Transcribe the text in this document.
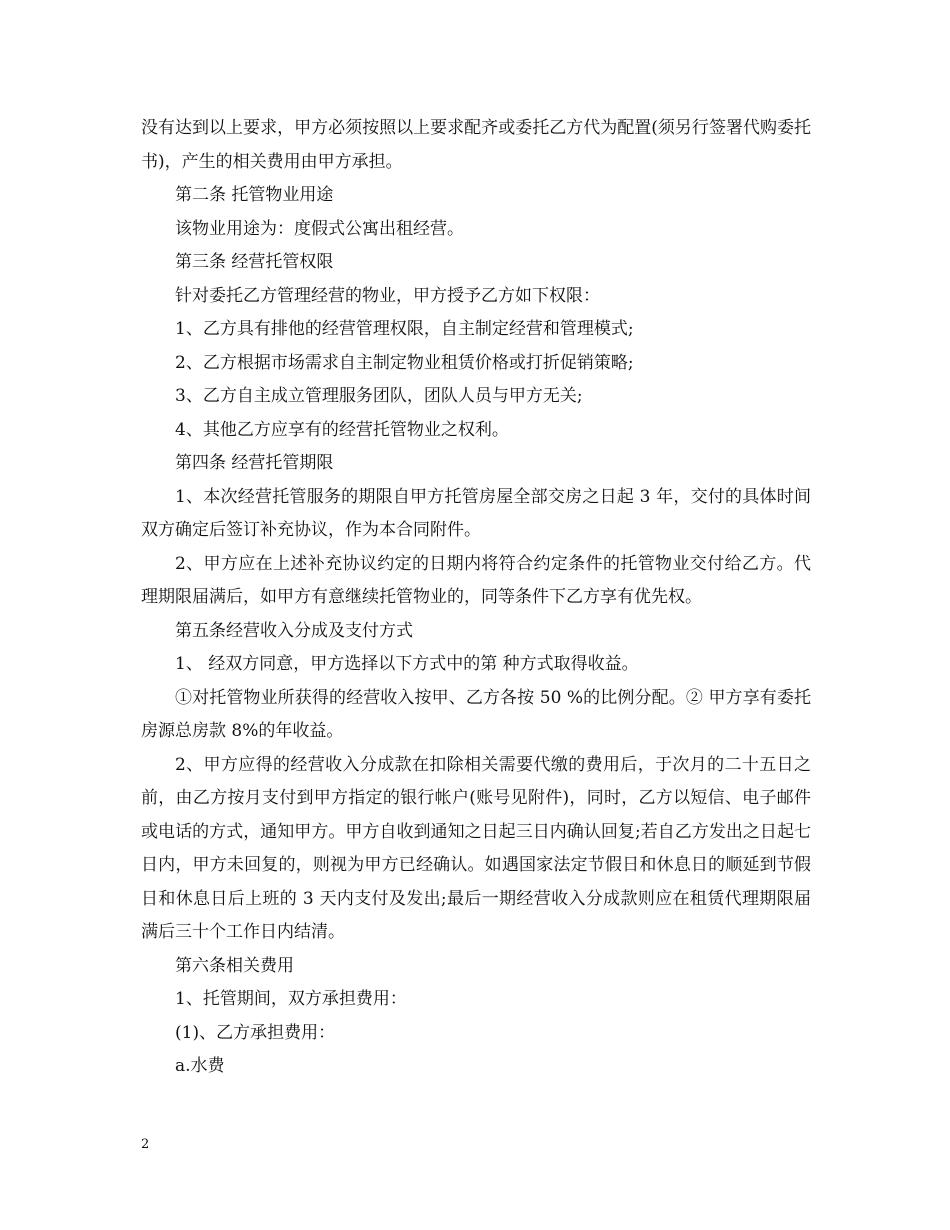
没有达到以上要求，甲方必须按照以上要求配齐或委托乙方代为配置(须另行签署代购委托书)，产生的相关费用由甲方承担。

第二条 托管物业用途

该物业用途为：度假式公寓出租经营。

第三条 经营托管权限

针对委托乙方管理经营的物业，甲方授予乙方如下权限：

1、乙方具有排他的经营管理权限，自主制定经营和管理模式;

2、乙方根据市场需求自主制定物业租赁价格或打折促销策略;

3、乙方自主成立管理服务团队，团队人员与甲方无关;

4、其他乙方应享有的经营托管物业之权利。

第四条 经营托管期限

1、本次经营托管服务的期限自甲方托管房屋全部交房之日起 3 年，交付的具体时间双方确定后签订补充协议，作为本合同附件。

2、甲方应在上述补充协议约定的日期内将符合约定条件的托管物业交付给乙方。代理期限届满后，如甲方有意继续托管物业的，同等条件下乙方享有优先权。

第五条经营收入分成及支付方式

1、 经双方同意，甲方选择以下方式中的第 种方式取得收益。

①对托管物业所获得的经营收入按甲、乙方各按 50 %的比例分配。② 甲方享有委托房源总房款 8%的年收益。

2、甲方应得的经营收入分成款在扣除相关需要代缴的费用后，于次月的二十五日之前，由乙方按月支付到甲方指定的银行帐户(账号见附件)，同时，乙方以短信、电子邮件或电话的方式，通知甲方。甲方自收到通知之日起三日内确认回复;若自乙方发出之日起七日内，甲方未回复的，则视为甲方已经确认。如遇国家法定节假日和休息日的顺延到节假日和休息日后上班的 3 天内支付及发出;最后一期经营收入分成款则应在租赁代理期限届满后三十个工作日内结清。

第六条相关费用

1、托管期间，双方承担费用：

(1)、乙方承担费用：

a.水费

2
